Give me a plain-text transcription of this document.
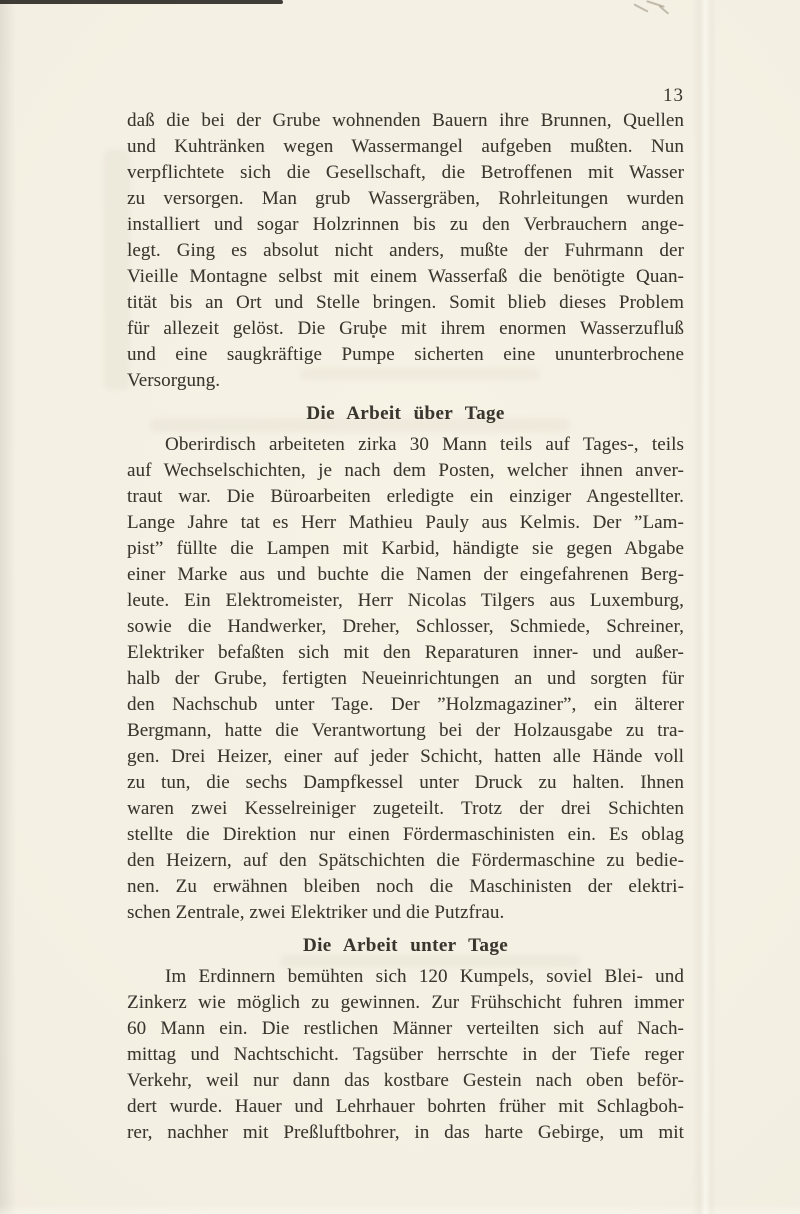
13
daß die bei der Grube wohnenden Bauern ihre Brunnen, Quellen
und Kuhtränken wegen Wassermangel aufgeben mußten. Nun
verpflichtete sich die Gesellschaft, die Betroffenen mit Wasser
zu versorgen. Man grub Wassergräben, Rohrleitungen wurden
installiert und sogar Holzrinnen bis zu den Verbrauchern ange-
legt. Ging es absolut nicht anders, mußte der Fuhrmann der
Vieille Montagne selbst mit einem Wasserfaß die benötigte Quan-
tität bis an Ort und Stelle bringen. Somit blieb dieses Problem
für allezeit gelöst. Die Grube mit ihrem enormen Wasserzufluß
und eine saugkräftige Pumpe sicherten eine ununterbrochene
Versorgung.
Die Arbeit über Tage
Oberirdisch arbeiteten zirka 30 Mann teils auf Tages-, teils
auf Wechselschichten, je nach dem Posten, welcher ihnen anver-
traut war. Die Büroarbeiten erledigte ein einziger Angestellter.
Lange Jahre tat es Herr Mathieu Pauly aus Kelmis. Der ”Lam-
pist” füllte die Lampen mit Karbid, händigte sie gegen Abgabe
einer Marke aus und buchte die Namen der eingefahrenen Berg-
leute. Ein Elektromeister, Herr Nicolas Tilgers aus Luxemburg,
sowie die Handwerker, Dreher, Schlosser, Schmiede, Schreiner,
Elektriker befaßten sich mit den Reparaturen inner- und außer-
halb der Grube, fertigten Neueinrichtungen an und sorgten für
den Nachschub unter Tage. Der ”Holzmagaziner”, ein älterer
Bergmann, hatte die Verantwortung bei der Holzausgabe zu tra-
gen. Drei Heizer, einer auf jeder Schicht, hatten alle Hände voll
zu tun, die sechs Dampfkessel unter Druck zu halten. Ihnen
waren zwei Kesselreiniger zugeteilt. Trotz der drei Schichten
stellte die Direktion nur einen Fördermaschinisten ein. Es oblag
den Heizern, auf den Spätschichten die Fördermaschine zu bedie-
nen. Zu erwähnen bleiben noch die Maschinisten der elektri-
schen Zentrale, zwei Elektriker und die Putzfrau.
Die Arbeit unter Tage
Im Erdinnern bemühten sich 120 Kumpels, soviel Blei- und
Zinkerz wie möglich zu gewinnen. Zur Frühschicht fuhren immer
60 Mann ein. Die restlichen Männer verteilten sich auf Nach-
mittag und Nachtschicht. Tagsüber herrschte in der Tiefe reger
Verkehr, weil nur dann das kostbare Gestein nach oben beför-
dert wurde. Hauer und Lehrhauer bohrten früher mit Schlagboh-
rer, nachher mit Preßluftbohrer, in das harte Gebirge, um mit
